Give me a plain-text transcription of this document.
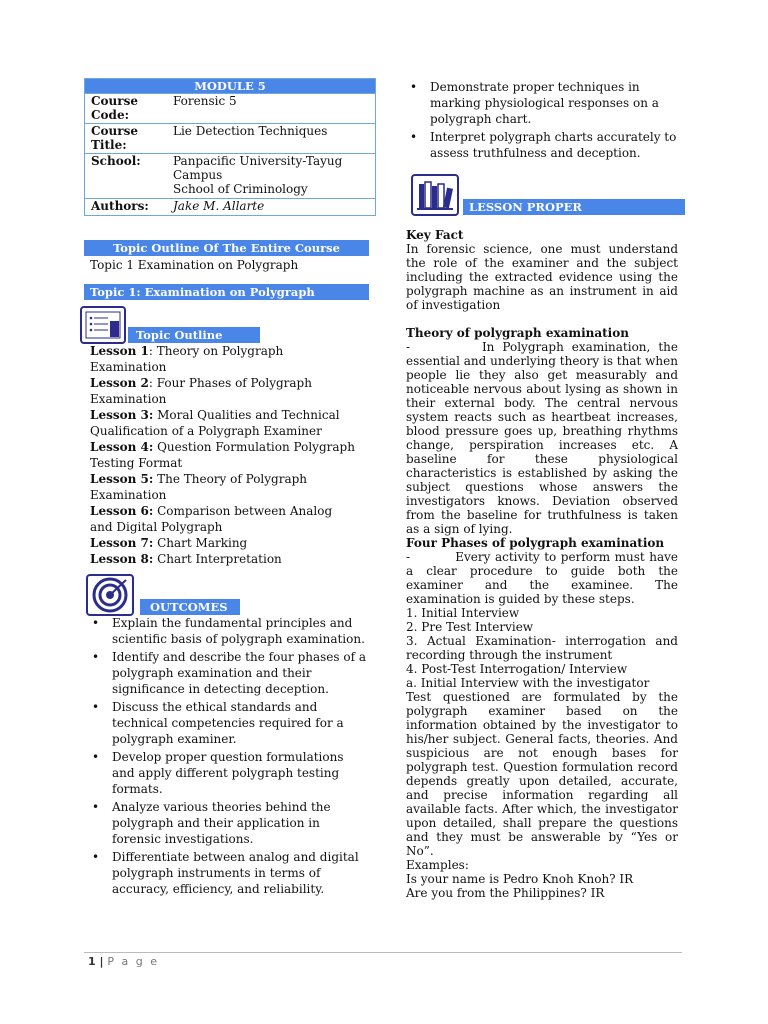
MODULE 5
Course Code:
Forensic 5
Course Title:
Lie Detection Techniques
School:	Panpacific University-Tayug Campus
School of Criminology
Authors:	Jake M. Allarte
Topic Outline Of The Entire Course
Topic 1 Examination on Polygraph
Topic 1: Examination on Polygraph
Topic Outline
Lesson 1: Theory on Polygraph Examination
Lesson 2: Four Phases of Polygraph Examination
Lesson 3: Moral Qualities and Technical Qualification of a Polygraph Examiner
Lesson 4: Question Formulation Polygraph Testing Format
Lesson 5: The Theory of Polygraph Examination
Lesson 6: Comparison between Analog and Digital Polygraph
Lesson 7: Chart Marking
Lesson 8: Chart Interpretation
OUTCOMES
• Explain the fundamental principles and scientific basis of polygraph examination.
• Identify and describe the four phases of a polygraph examination and their significance in detecting deception.
• Discuss the ethical standards and technical competencies required for a polygraph examiner.
• Develop proper question formulations and apply different polygraph testing formats.
• Analyze various theories behind the polygraph and their application in forensic investigations.
• Differentiate between analog and digital polygraph instruments in terms of accuracy, efficiency, and reliability.
• Demonstrate proper techniques in marking physiological responses on a polygraph chart.
• Interpret polygraph charts accurately to assess truthfulness and deception.
LESSON PROPER

Key Fact

In forensic science, one must understand the role of the examiner and the subject including the extracted evidence using the polygraph machine as an instrument in aid of investigation

Theory of polygraph examination

-         In Polygraph examination, the essential and underlying theory is that when people lie they also get measurably and noticeable nervous about lysing as shown in their external body. The central nervous system reacts such as heartbeat increases, blood pressure goes up, breathing rhythms change, perspiration increases etc. A baseline for these physiological characteristics is established by asking the subject questions whose answers the investigators knows. Deviation observed from the baseline for truthfulness is taken as a sign of lying.

Four Phases of polygraph examination

-          Every activity to perform must have a clear procedure to guide both the examiner and the examinee. The examination is guided by these steps.

1. Initial Interview

2. Pre Test Interview

3. Actual Examination- interrogation and recording through the instrument

4. Post-Test Interrogation/ Interview

a. Initial Interview with the investigator

Test questioned are formulated by the polygraph examiner based on the information obtained by the investigator to his/her subject. General facts, theories. And suspicious are not enough bases for polygraph test. Question formulation record depends greatly upon detailed, accurate, and precise information regarding all available facts. After which, the investigator upon detailed, shall prepare the questions and they must be answerable by “Yes or No”.

Examples:

Is your name is Pedro Knoh Knoh? IR

Are you from the Philippines? IR

1 | P a g e
